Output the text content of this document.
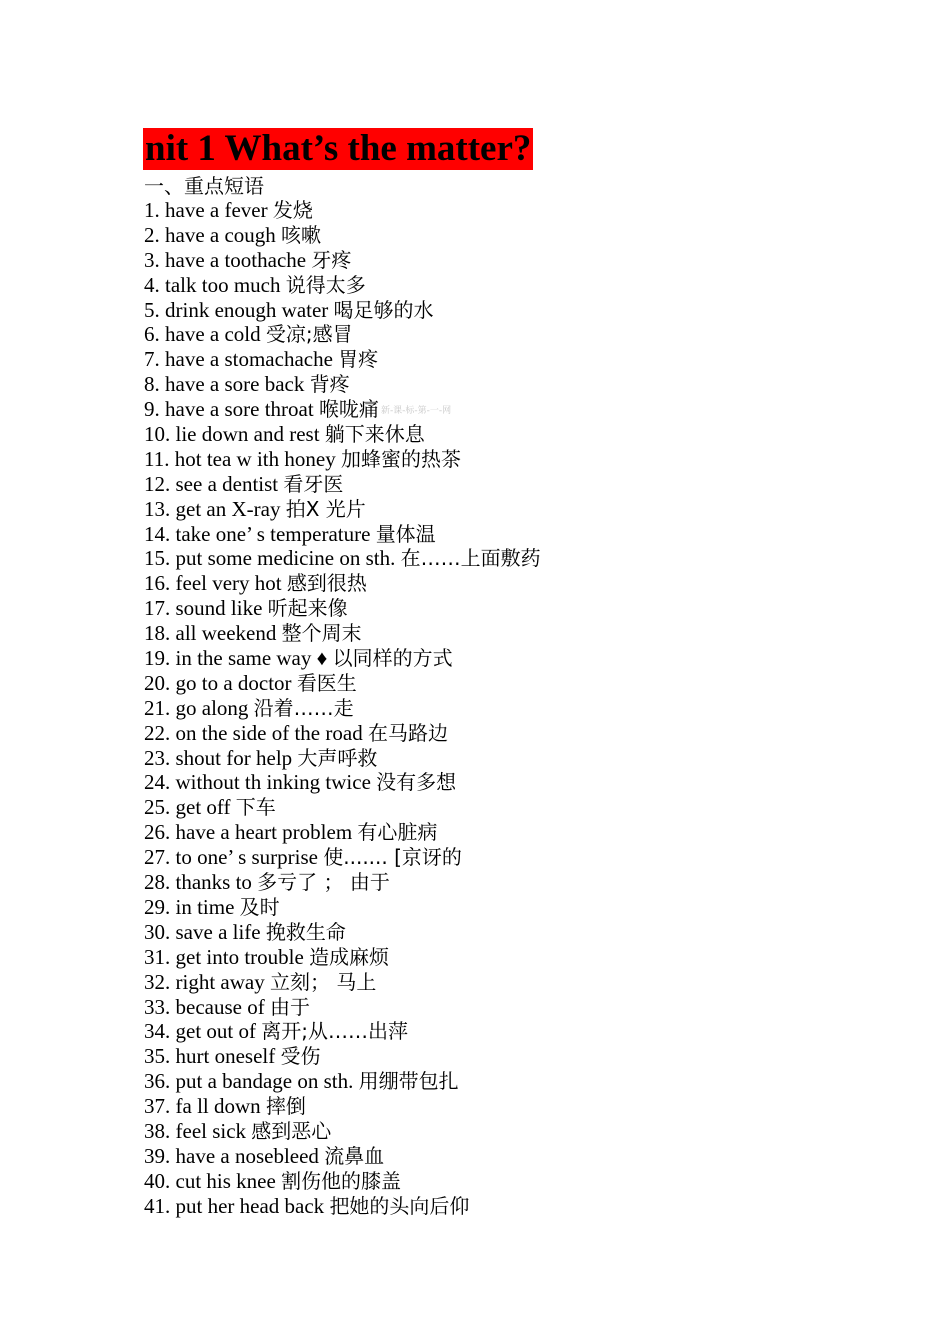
nit 1 What’s the matter?
一、重点短语
1. have a fever 发烧
2. have a cough 咳嗽
3. have a toothache 牙疼
4. talk too much 说得太多
5. drink enough water 喝足够的水
6. have a cold 受凉;感冒
7. have a stomachache 胃疼
8. have a sore back 背疼
9. have a sore throat 喉咙痛 新-课-标-第-一-网
10. lie down and rest 躺下来休息
11. hot tea w ith honey 加蜂蜜的热茶
12. see a dentist 看牙医
13. get an X-ray 拍X 光片
14. take one’ s temperature 量体温
15. put some medicine on sth. 在……上面敷药
16. feel very hot 感到很热
17. sound like 听起来像
18. all weekend 整个周末
19. in the same way ♦ 以同样的方式
20. go to a doctor 看医生
21. go along 沿着……走
22. on the side of the road 在马路边
23. shout for help 大声呼救
24. without th inking twice 没有多想
25. get off 下车
26. have a heart problem 有心脏病
27. to one’ s surprise 使....... [京讶的
28. thanks to 多亏了 ； 由于
29. in time 及时
30. save a life 挽救生命
31. get into trouble 造成麻烦
32. right away 立刻； 马上
33. because of 由于
34. get out of 离开;从……出萍
35. hurt oneself 受伤
36. put a bandage on sth. 用绷带包扎
37. fa ll down 摔倒
38. feel sick 感到恶心
39. have a nosebleed 流鼻血
40. cut his knee 割伤他的膝盖
41. put her head back 把她的头向后仰
